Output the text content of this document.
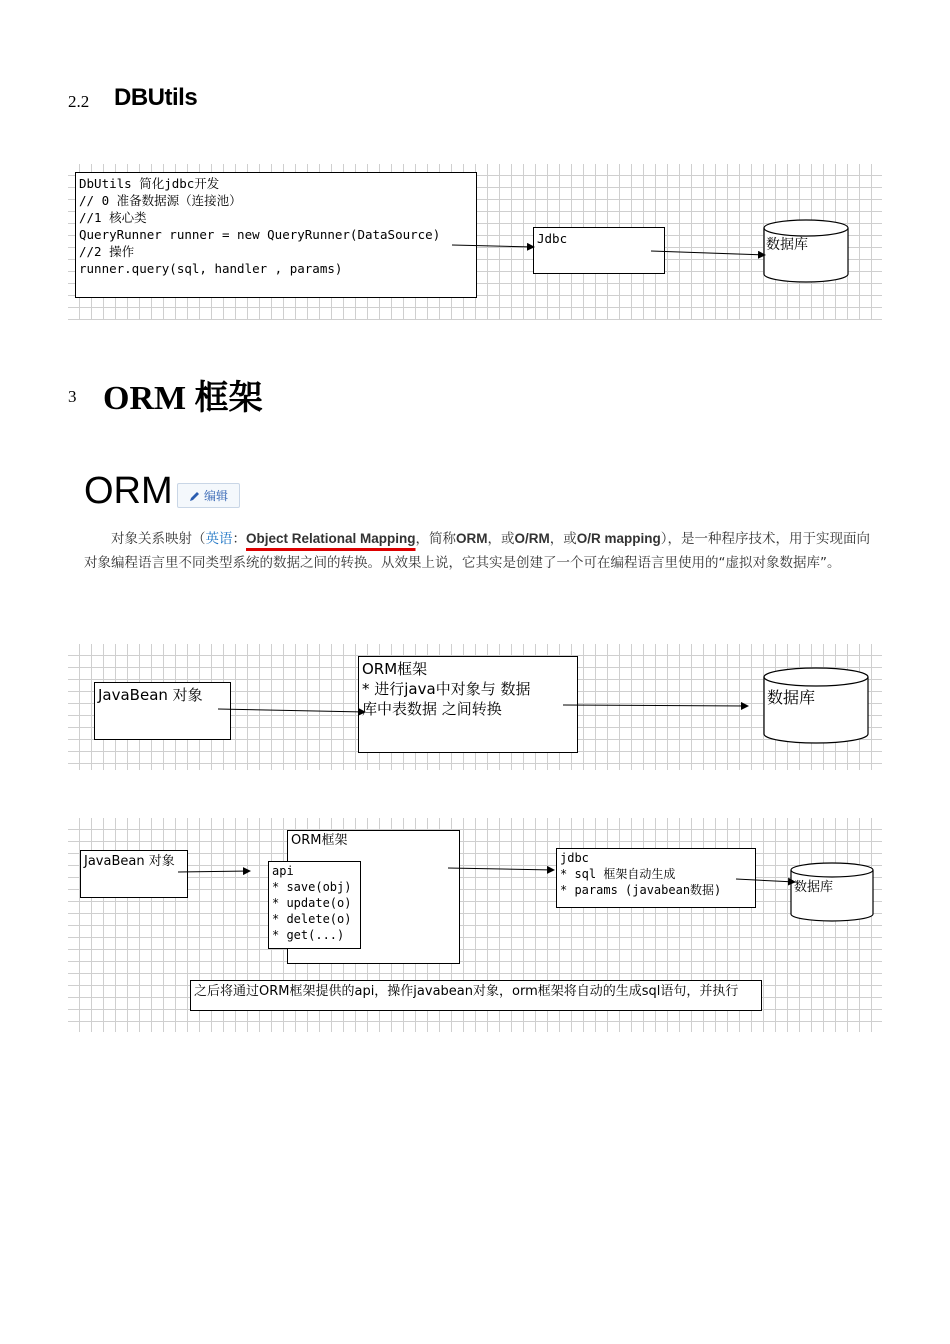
2.2 DBUtils
DbUtils 简化jdbc开发
// 0 准备数据源（连接池）
//1 核心类
QueryRunner runner = new QueryRunner(DataSource)
//2 操作
runner.query(sql, handler , params)
Jdbc	数据库
3 ORM 框架
ORM	编辑
对象关系映射（英语：Object Relational Mapping，简称ORM，或O/RM，或O/R mapping），是一种程序技术，用于实现面向对象编程语言里不同类型系统的数据之间的转换。从效果上说，它其实是创建了一个可在编程语言里使用的“虚拟对象数据库”。
JavaBean 对象
ORM框架
* 进行java中对象与 数据
库中表数据 之间转换
数据库
JavaBean 对象
ORM框架
api
* save(obj)
* update(o)
* delete(o)
* get(...)
jdbc
* sql 框架自动生成
* params (javabean数据)	数据库
之后将通过ORM框架提供的api，操作javabean对象，orm框架将自动的生成sql语句，并执行
